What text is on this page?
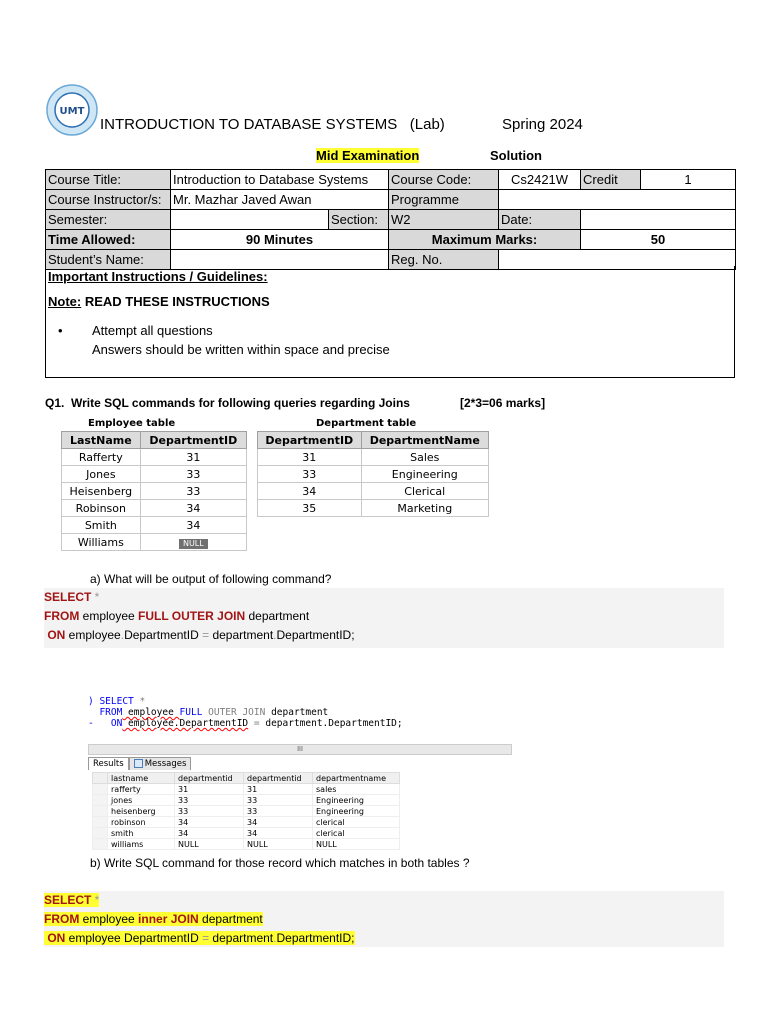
UMT
INTRODUCTION TO DATABASE SYSTEMS   (Lab)	Spring 2024
Mid Examination	Solution
Course Title:	Introduction to Database Systems		Course Code:	Cs2421W	Credit	1
Course Instructor/s:	Mr. Mazhar Javed Awan		Programme			
Semester:		Section:	W2	Date:		
Time Allowed:	90 Minutes		Maximum Marks:		50	
Student’s Name:			Reg. No.			
Important Instructions / Guidelines:
Note: READ THESE INSTRUCTIONS
• Attempt all questions
Answers should be written within space and precise
Q1.  Write SQL commands for following queries regarding Joins	[2*3=06 marks]
Employee table
LastName	DepartmentID
Rafferty	31
Jones	33
Heisenberg	33
Robinson	34
Smith	34
Williams	NULL
Department table
DepartmentID	DepartmentName
31	Sales
33	Engineering
34	Clerical
35	Marketing
a) What will be output of following command?
SELECT *
FROM employee FULL OUTER JOIN department
ON employee.DepartmentID = department.DepartmentID;
) SELECT *
FROM employee FULL OUTER JOIN department
-   ON employee.DepartmentID = department.DepartmentID;
III
Results Messages
	lastname	departmentid	departmentid	departmentname
	rafferty	31	31	sales
	jones	33	33	Engineering
	heisenberg	33	33	Engineering
	robinson	34	34	clerical
	smith	34	34	clerical
	williams	NULL	NULL	NULL
b) Write SQL command for those record which matches in both tables ?
SELECT *
FROM employee inner JOIN department
ON employee DepartmentID = department.DepartmentID;
